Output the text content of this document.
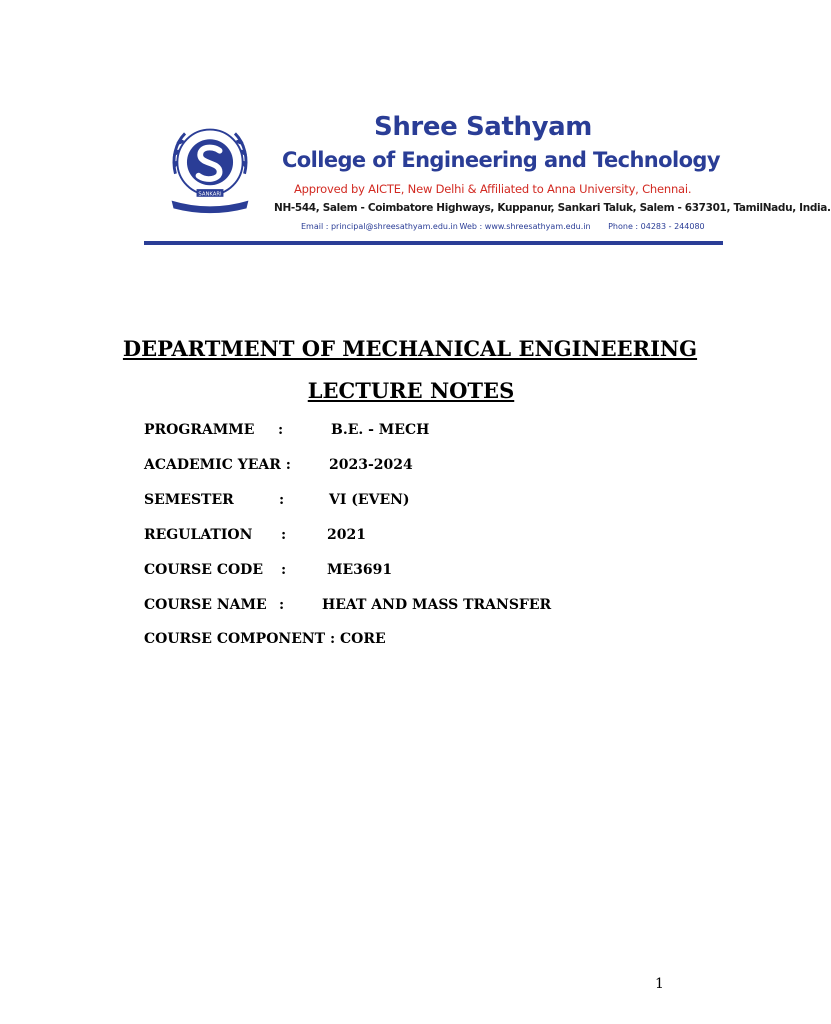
SANKARI
Shree Sathyam
College of Engineering and Technology
Approved by AICTE, New Delhi & Affiliated to Anna University, Chennai.
NH-544, Salem - Coimbatore Highways, Kuppanur, Sankari Taluk, Salem - 637301, TamilNadu, India.
Email : principal@shreesathyam.edu.in Web : www.shreesathyam.edu.in Phone : 04283 - 244080
DEPARTMENT OF MECHANICAL ENGINEERING
LECTURE NOTES
PROGRAMME :	B.E. - MECH
ACADEMIC YEAR :	2023-2024
SEMESTER	:	VI (EVEN)
REGULATION :	2021
COURSE CODE :	ME3691
COURSE NAME :	HEAT AND MASS TRANSFER
COURSE COMPONENT : CORE
1
